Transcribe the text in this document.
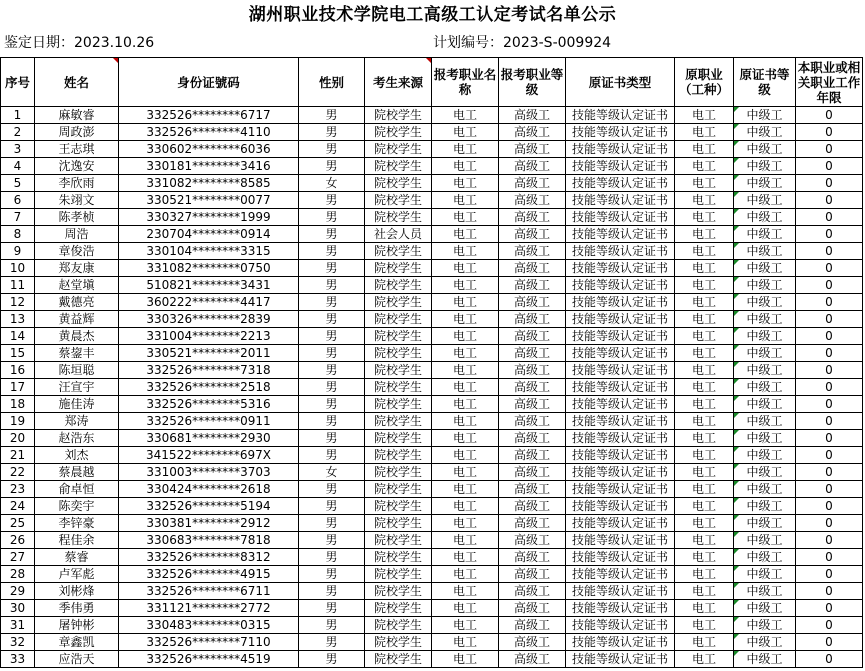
湖州职业技术学院电工高级工认定考试名单公示
鉴定日期：2023.10.26	计划编号：2023-S-009924
序号	姓名	身份证號码	性别	考生来源	报考职业名称	报考职业等级	原证书类型	原职业（工种）	原证书等级	本职业或相关职业工作年限
1	麻敏睿	332526********6717	男	院校学生	电工	高级工	技能等级认定证书	电工	中级工	0
2	周政澎	332526********4110	男	院校学生	电工	高级工	技能等级认定证书	电工	中级工	0
3	王志琪	330602********6036	男	院校学生	电工	高级工	技能等级认定证书	电工	中级工	0
4	沈逸安	330181********3416	男	院校学生	电工	高级工	技能等级认定证书	电工	中级工	0
5	李欣雨	331082********8585	女	院校学生	电工	高级工	技能等级认定证书	电工	中级工	0
6	朱翊文	330521********0077	男	院校学生	电工	高级工	技能等级认定证书	电工	中级工	0
7	陈孝桢	330327********1999	男	院校学生	电工	高级工	技能等级认定证书	电工	中级工	0
8	周浩	230704********0914	男	社会人员	电工	高级工	技能等级认定证书	电工	中级工	0
9	章俊浩	330104********3315	男	院校学生	电工	高级工	技能等级认定证书	电工	中级工	0
10	郑友康	331082********0750	男	院校学生	电工	高级工	技能等级认定证书	电工	中级工	0
11	赵堂塡	510821********3431	男	院校学生	电工	高级工	技能等级认定证书	电工	中级工	0
12	戴德亮	360222********4417	男	院校学生	电工	高级工	技能等级认定证书	电工	中级工	0
13	黄益辉	330326********2839	男	院校学生	电工	高级工	技能等级认定证书	电工	中级工	0
14	黄晨杰	331004********2213	男	院校学生	电工	高级工	技能等级认定证书	电工	中级工	0
15	蔡鋆丰	330521********2011	男	院校学生	电工	高级工	技能等级认定证书	电工	中级工	0
16	陈垣聪	332526********7318	男	院校学生	电工	高级工	技能等级认定证书	电工	中级工	0
17	汪宣宇	332526********2518	男	院校学生	电工	高级工	技能等级认定证书	电工	中级工	0
18	施佳涛	332526********5316	男	院校学生	电工	高级工	技能等级认定证书	电工	中级工	0
19	郑涛	332526********0911	男	院校学生	电工	高级工	技能等级认定证书	电工	中级工	0
20	赵浩东	330681********2930	男	院校学生	电工	高级工	技能等级认定证书	电工	中级工	0
21	刘杰	341522********697X	男	院校学生	电工	高级工	技能等级认定证书	电工	中级工	0
22	蔡晨越	331003********3703	女	院校学生	电工	高级工	技能等级认定证书	电工	中级工	0
23	俞卓恒	330424********2618	男	院校学生	电工	高级工	技能等级认定证书	电工	中级工	0
24	陈奕宇	332526********5194	男	院校学生	电工	高级工	技能等级认定证书	电工	中级工	0
25	李锌豪	330381********2912	男	院校学生	电工	高级工	技能等级认定证书	电工	中级工	0
26	程佳余	330683********7818	男	院校学生	电工	高级工	技能等级认定证书	电工	中级工	0
27	蔡睿	332526********8312	男	院校学生	电工	高级工	技能等级认定证书	电工	中级工	0
28	卢军彪	332526********4915	男	院校学生	电工	高级工	技能等级认定证书	电工	中级工	0
29	刘彬烽	332526********6711	男	院校学生	电工	高级工	技能等级认定证书	电工	中级工	0
30	季伟勇	331121********2772	男	院校学生	电工	高级工	技能等级认定证书	电工	中级工	0
31	屠钟彬	330483********0315	男	院校学生	电工	高级工	技能等级认定证书	电工	中级工	0
32	章鑫凯	332526********7110	男	院校学生	电工	高级工	技能等级认定证书	电工	中级工	0
33	应浩天	332526********4519	男	院校学生	电工	高级工	技能等级认定证书	电工	中级工	0
